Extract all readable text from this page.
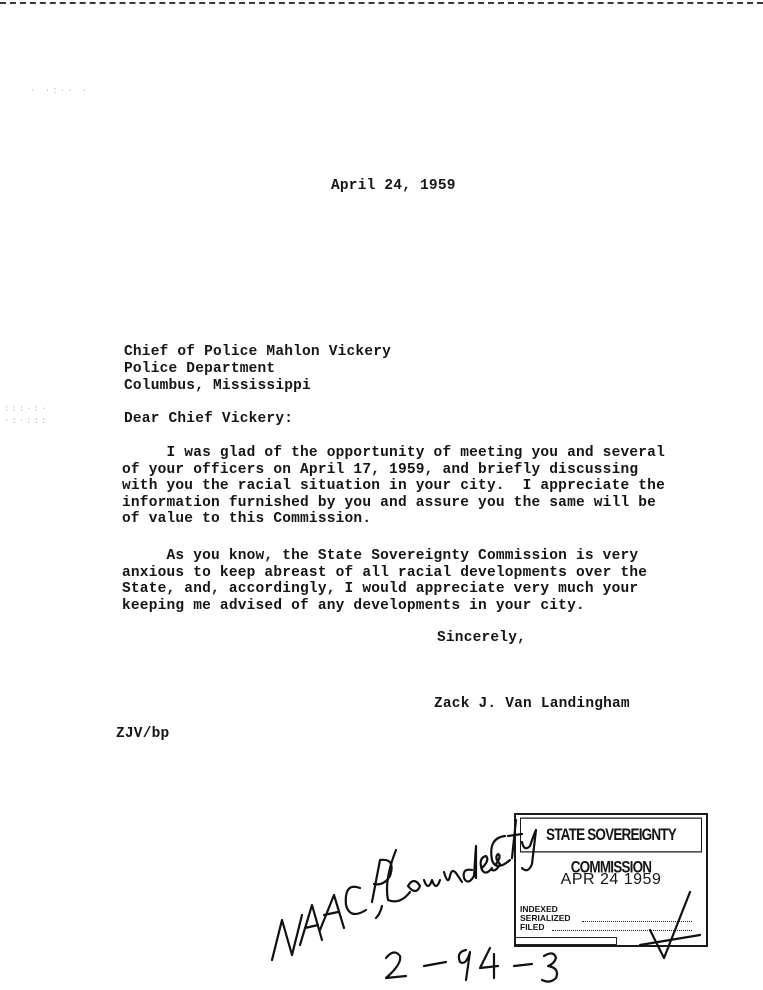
· ·:·· ·
:::·:·
·:·:::
April 24, 1959
Chief of Police Mahlon Vickery
Police Department
Columbus, Mississippi
Dear Chief Vickery:
I was glad of the opportunity of meeting you and several
of your officers on April 17, 1959, and briefly discussing
with you the racial situation in your city.  I appreciate the
information furnished by you and assure you the same will be
of value to this Commission.
As you know, the State Sovereignty Commission is very
anxious to keep abreast of all racial developments over the
State, and, accordingly, I would appreciate very much your
keeping me advised of any developments in your city.
Sincerely,
Zack J. Van Landingham
ZJV/bp
STATE SOVEREIGNTY COMMISSION
APR 24 1959
INDEXED
SERIALIZED
FILED
